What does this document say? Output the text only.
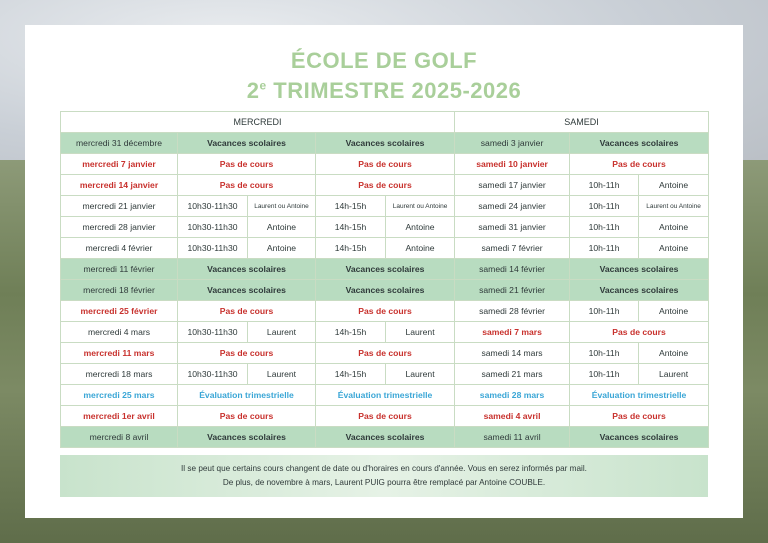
ÉCOLE DE GOLF
2e TRIMESTRE 2025-2026
MERCREDI					SAMEDI		
mercredi 31 décembre	Vacances scolaires		Vacances scolaires		samedi 3 janvier	Vacances scolaires	
mercredi 7 janvier	Pas de cours		Pas de cours		samedi 10 janvier	Pas de cours	
mercredi 14 janvier	Pas de cours		Pas de cours		samedi 17 janvier	10h-11h	Antoine
mercredi 21 janvier	10h30-11h30	Laurent ou Antoine	14h-15h	Laurent ou Antoine	samedi 24 janvier	10h-11h	Laurent ou Antoine
mercredi 28 janvier	10h30-11h30	Antoine	14h-15h	Antoine	samedi 31 janvier	10h-11h	Antoine
mercredi 4 février	10h30-11h30	Antoine	14h-15h	Antoine	samedi 7 février	10h-11h	Antoine
mercredi 11 février	Vacances scolaires		Vacances scolaires		samedi 14 février	Vacances scolaires	
mercredi 18 février	Vacances scolaires		Vacances scolaires		samedi 21 février	Vacances scolaires	
mercredi 25 février	Pas de cours		Pas de cours		samedi 28 février	10h-11h	Antoine
mercredi 4 mars	10h30-11h30	Laurent	14h-15h	Laurent	samedi 7 mars	Pas de cours	
mercredi 11 mars	Pas de cours		Pas de cours		samedi 14 mars	10h-11h	Antoine
mercredi 18 mars	10h30-11h30	Laurent	14h-15h	Laurent	samedi 21 mars	10h-11h	Laurent
mercredi 25 mars	Évaluation trimestrielle		Évaluation trimestrielle		samedi 28 mars	Évaluation trimestrielle	
mercredi 1er avril	Pas de cours		Pas de cours		samedi 4 avril	Pas de cours	
mercredi 8 avril	Vacances scolaires		Vacances scolaires		samedi 11 avril	Vacances scolaires	
Il se peut que certains cours changent de date ou d'horaires en cours d'année. Vous en serez informés par mail.
De plus, de novembre à mars, Laurent PUIG pourra être remplacé par Antoine COUBLE.
